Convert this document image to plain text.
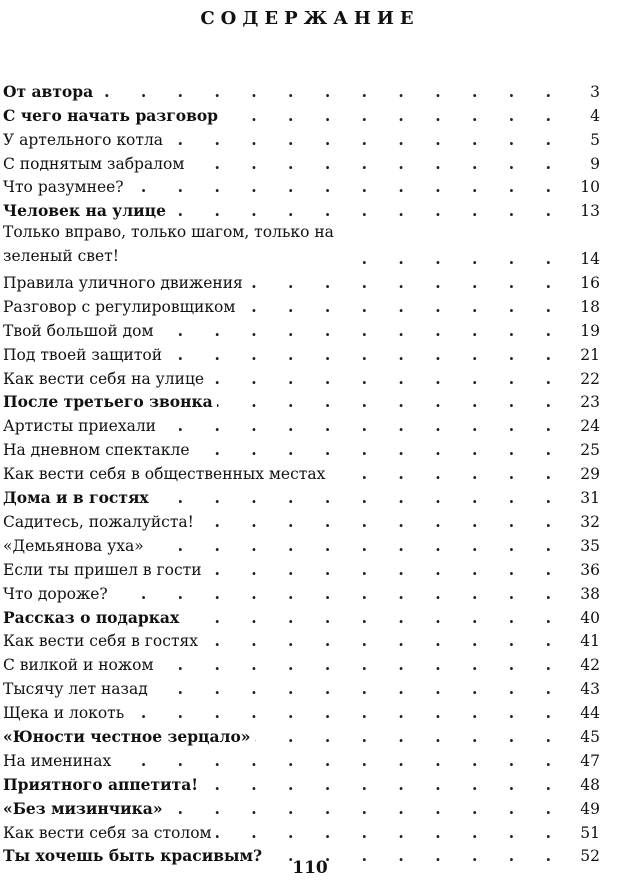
СОДЕРЖАНИЕ
От автора . . .	3
С чего начать разговор . . .	4
У артельного котла . . .	5
С поднятым забралом . . .	9
Что разумнее? . . .	10
Человек на улице . . .	13
Только вправо, только шагом, только на зеленый свет! . . .	14
Правила уличного движения . . .	16
Разговор с регулировщиком . . .	18
Твой большой дом . . .	19
Под твоей защитой . . .	21
Как вести себя на улице . . .	22
После третьего звонка . . .	23
Артисты приехали . . .	24
На дневном спектакле . . .	25
Как вести себя в общественных местах . . .	29
Дома и в гостях . . .	31
Садитесь, пожалуйста! . . .	32
«Демьянова уха» . . .	35
Если ты пришел в гости . . .	36
Что дороже? . . .	38
Рассказ о подарках . . .	40
Как вести себя в гостях . . .	41
С вилкой и ножом . . .	42
Тысячу лет назад . . .	43
Щека и локоть . . .	44
«Юности честное зерцало» . . .	45
На именинах . . .	47
Приятного аппетита! . . .	48
«Без мизинчика» . . .	49
Как вести себя за столом . . .	51
Ты хочешь быть красивым? . . .	52
110
